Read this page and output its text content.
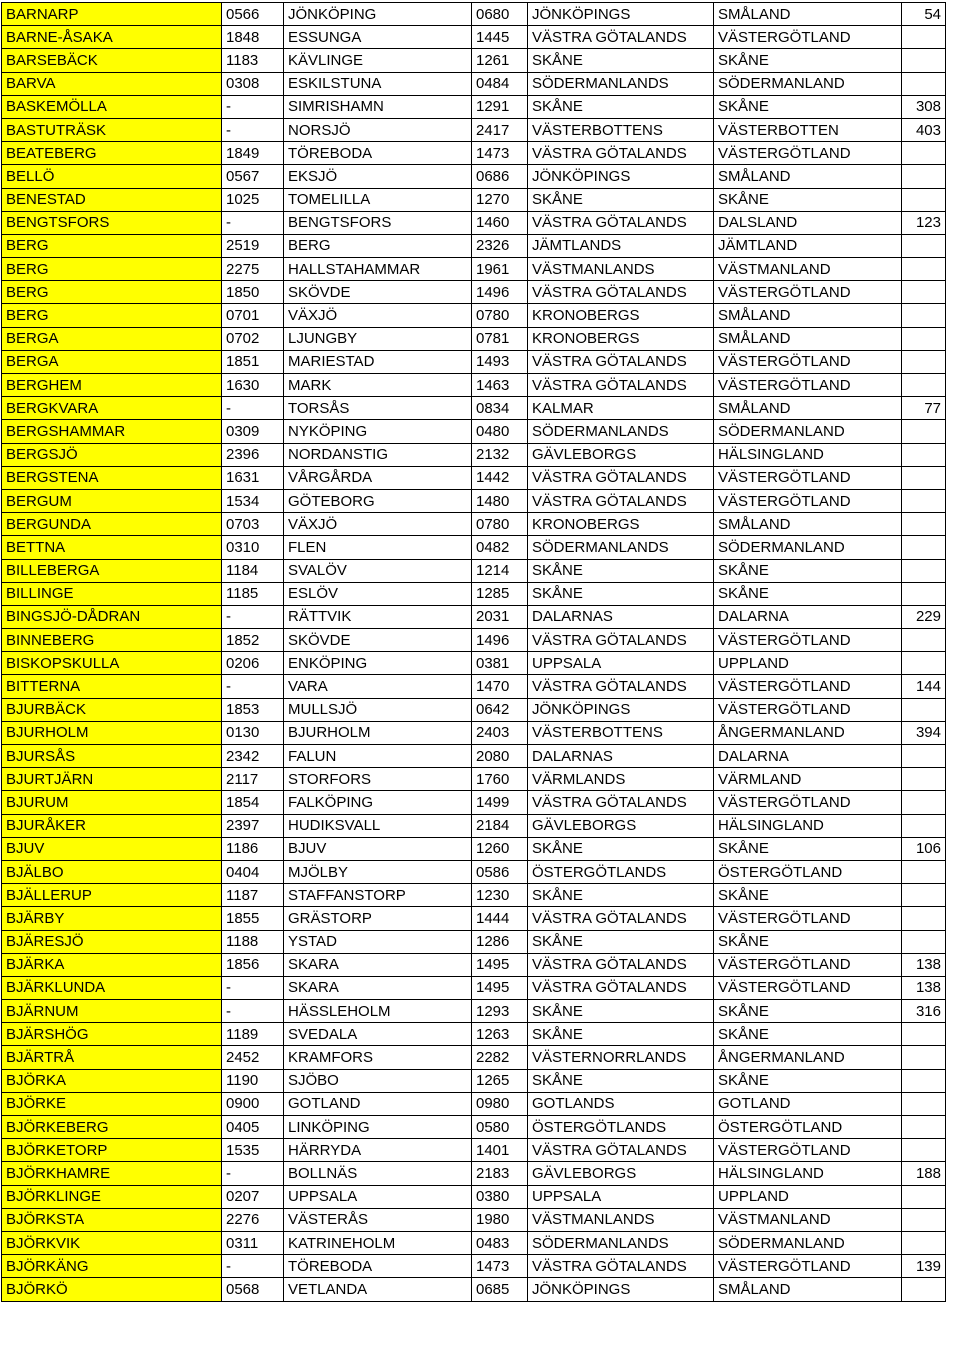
BARNARP	0566	JÖNKÖPING	0680	JÖNKÖPINGS	SMÅLAND	54
BARNE-ÅSAKA	1848	ESSUNGA	1445	VÄSTRA GÖTALANDS	VÄSTERGÖTLAND	
BARSEBÄCK	1183	KÄVLINGE	1261	SKÅNE	SKÅNE	
BARVA	0308	ESKILSTUNA	0484	SÖDERMANLANDS	SÖDERMANLAND	
BASKEMÖLLA	-	SIMRISHAMN	1291	SKÅNE	SKÅNE	308
BASTUTRÄSK	-	NORSJÖ	2417	VÄSTERBOTTENS	VÄSTERBOTTEN	403
BEATEBERG	1849	TÖREBODA	1473	VÄSTRA GÖTALANDS	VÄSTERGÖTLAND	
BELLÖ	0567	EKSJÖ	0686	JÖNKÖPINGS	SMÅLAND	
BENESTAD	1025	TOMELILLA	1270	SKÅNE	SKÅNE	
BENGTSFORS	-	BENGTSFORS	1460	VÄSTRA GÖTALANDS	DALSLAND	123
BERG	2519	BERG	2326	JÄMTLANDS	JÄMTLAND	
BERG	2275	HALLSTAHAMMAR	1961	VÄSTMANLANDS	VÄSTMANLAND	
BERG	1850	SKÖVDE	1496	VÄSTRA GÖTALANDS	VÄSTERGÖTLAND	
BERG	0701	VÄXJÖ	0780	KRONOBERGS	SMÅLAND	
BERGA	0702	LJUNGBY	0781	KRONOBERGS	SMÅLAND	
BERGA	1851	MARIESTAD	1493	VÄSTRA GÖTALANDS	VÄSTERGÖTLAND	
BERGHEM	1630	MARK	1463	VÄSTRA GÖTALANDS	VÄSTERGÖTLAND	
BERGKVARA	-	TORSÅS	0834	KALMAR	SMÅLAND	77
BERGSHAMMAR	0309	NYKÖPING	0480	SÖDERMANLANDS	SÖDERMANLAND	
BERGSJÖ	2396	NORDANSTIG	2132	GÄVLEBORGS	HÄLSINGLAND	
BERGSTENA	1631	VÅRGÅRDA	1442	VÄSTRA GÖTALANDS	VÄSTERGÖTLAND	
BERGUM	1534	GÖTEBORG	1480	VÄSTRA GÖTALANDS	VÄSTERGÖTLAND	
BERGUNDA	0703	VÄXJÖ	0780	KRONOBERGS	SMÅLAND	
BETTNA	0310	FLEN	0482	SÖDERMANLANDS	SÖDERMANLAND	
BILLEBERGA	1184	SVALÖV	1214	SKÅNE	SKÅNE	
BILLINGE	1185	ESLÖV	1285	SKÅNE	SKÅNE	
BINGSJÖ-DÅDRAN	-	RÄTTVIK	2031	DALARNAS	DALARNA	229
BINNEBERG	1852	SKÖVDE	1496	VÄSTRA GÖTALANDS	VÄSTERGÖTLAND	
BISKOPSKULLA	0206	ENKÖPING	0381	UPPSALA	UPPLAND	
BITTERNA	-	VARA	1470	VÄSTRA GÖTALANDS	VÄSTERGÖTLAND	144
BJURBÄCK	1853	MULLSJÖ	0642	JÖNKÖPINGS	VÄSTERGÖTLAND	
BJURHOLM	0130	BJURHOLM	2403	VÄSTERBOTTENS	ÅNGERMANLAND	394
BJURSÅS	2342	FALUN	2080	DALARNAS	DALARNA	
BJURTJÄRN	2117	STORFORS	1760	VÄRMLANDS	VÄRMLAND	
BJURUM	1854	FALKÖPING	1499	VÄSTRA GÖTALANDS	VÄSTERGÖTLAND	
BJURÅKER	2397	HUDIKSVALL	2184	GÄVLEBORGS	HÄLSINGLAND	
BJUV	1186	BJUV	1260	SKÅNE	SKÅNE	106
BJÄLBO	0404	MJÖLBY	0586	ÖSTERGÖTLANDS	ÖSTERGÖTLAND	
BJÄLLERUP	1187	STAFFANSTORP	1230	SKÅNE	SKÅNE	
BJÄRBY	1855	GRÄSTORP	1444	VÄSTRA GÖTALANDS	VÄSTERGÖTLAND	
BJÄRESJÖ	1188	YSTAD	1286	SKÅNE	SKÅNE	
BJÄRKA	1856	SKARA	1495	VÄSTRA GÖTALANDS	VÄSTERGÖTLAND	138
BJÄRKLUNDA	-	SKARA	1495	VÄSTRA GÖTALANDS	VÄSTERGÖTLAND	138
BJÄRNUM	-	HÄSSLEHOLM	1293	SKÅNE	SKÅNE	316
BJÄRSHÖG	1189	SVEDALA	1263	SKÅNE	SKÅNE	
BJÄRTRÅ	2452	KRAMFORS	2282	VÄSTERNORRLANDS	ÅNGERMANLAND	
BJÖRKA	1190	SJÖBO	1265	SKÅNE	SKÅNE	
BJÖRKE	0900	GOTLAND	0980	GOTLANDS	GOTLAND	
BJÖRKEBERG	0405	LINKÖPING	0580	ÖSTERGÖTLANDS	ÖSTERGÖTLAND	
BJÖRKETORP	1535	HÄRRYDA	1401	VÄSTRA GÖTALANDS	VÄSTERGÖTLAND	
BJÖRKHAMRE	-	BOLLNÄS	2183	GÄVLEBORGS	HÄLSINGLAND	188
BJÖRKLINGE	0207	UPPSALA	0380	UPPSALA	UPPLAND	
BJÖRKSTA	2276	VÄSTERÅS	1980	VÄSTMANLANDS	VÄSTMANLAND	
BJÖRKVIK	0311	KATRINEHOLM	0483	SÖDERMANLANDS	SÖDERMANLAND	
BJÖRKÄNG	-	TÖREBODA	1473	VÄSTRA GÖTALANDS	VÄSTERGÖTLAND	139
BJÖRKÖ	0568	VETLANDA	0685	JÖNKÖPINGS	SMÅLAND	
